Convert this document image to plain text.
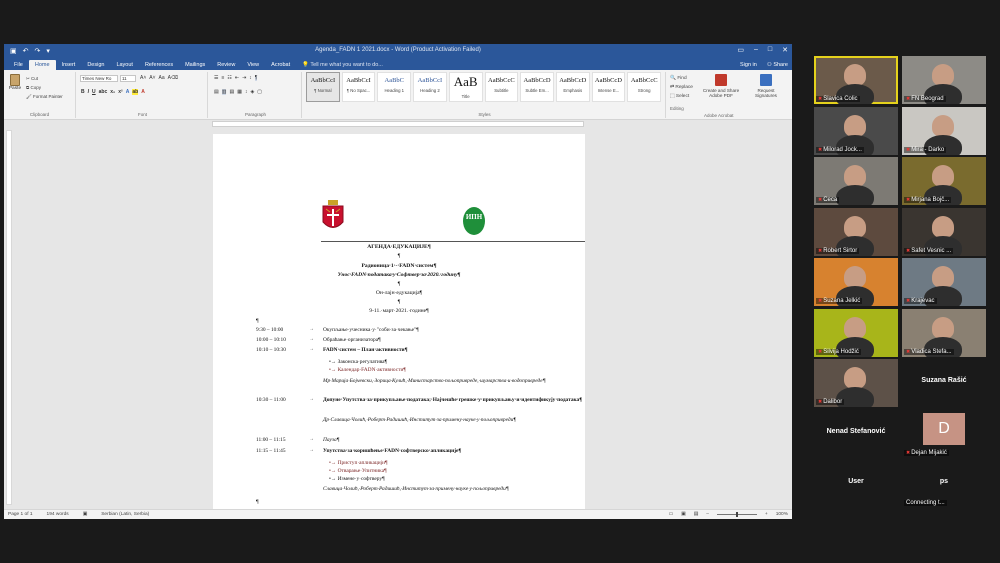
▣ ↶ ↷ ▾	Agenda_FADN 1 2021.docx - Word (Product Activation Failed)	▭ – □ ✕
File	Home	Insert	Design	Layout	References	Mailings	Review	View	Acrobat	💡 Tell me what you want to do...	Sign in ⚇ Share
Paste
✂ Cut
⧉ Copy
🖌 Format Painter
Clipboard
Times New Ro	11	A˄ A˅ Aa A⌫
B I U abc x₂ x² A ab A
Font
☰ ≡ ☷ ⇤ ⇥ ↕ ¶
▤ ▥ ▤ ▦ ↕ ◈ ▢
Paragraph
AaBbCcI
¶ Normal
AaBbCcI
¶ No Spac...
AaBbC
Heading 1
AaBbCcI
Heading 2
AaB
Title
AaBbCcC
Subtitle
AaBbCcD
Subtle Em...
AaBbCcD
Emphasis
AaBbCcD
Intense E...
AaBbCcC
Strong
Styles
🔍 Find
⇄ Replace
⬚ Select
Editing
Create and Share Adobe PDF
Request Signatures
Adobe Acrobat
ИПН
АГЕНДА·ЕДУКАЦИЈЕ¶
¶
Радионица·1·-·FADN·систем¶
Унос·FADN·података·у·Софтвер·за·2020.·годину¶
¶
Он-лајн·едукација¶
¶
9-11.·март·2021.·године¶
¶
9:30 – 10:00	→ Окупљање·учесника·у·"соби·за·чекање"¶
10:00 – 10:10	→ Обраћање·организатора¶
10:10 – 10:30	→ FADN·систем – План·активности¶
•→ Законска·регулатива¶
•→ Календар·FADN·активности¶
Мр·Марија·Бојчевски,·Зорица·Кулић,·Министарство·пољопривреде,·шумарства·и·водопривреде¶
10:30 – 11:00	→ Допуне·Упутства·за·прикупљање·података;·Најчешће·грешке·у·прикупљању·и·идентификују·података¶
Др·Славица·Чолић,·Роберт·Радишић,·Институт·за·примену·науке·у·пољопривреди¶
11:00 – 11:15	→ Пауза¶
11:15 – 11:45	→ Упутства·за·коришћење·FADN·софтверско·апликације¶
•→ Приступ·апликацији¶
•→ Отварање·Упитника¶
•→ Измене·у·софтверу¶
Славица·Чолић,·Роберт·Радишић,·Институт·за·примену·науке·у·пољопривреди¶
¶
Page 1 of 1	194 words	▣	Serbian (Latin, Serbia)	▭ ▣ ▤ –	+ 100%
✖Slavica Colic	✖FN Beograd
✖Milorad Jock...	✖Mira - Darko
✖Ceca	✖Mirjana Bojč...
✖Robert Sirtor	✖Safet Vesnic ...
✖Suzana Jelkić	✖Krajevac
✖Silvija Hodžić	✖Vladica Stefa...
✖Dalibor
Suzana Rašić
Nenad Stefanović	D
✖Dejan Mijakić
User	ps
Connecting t...
